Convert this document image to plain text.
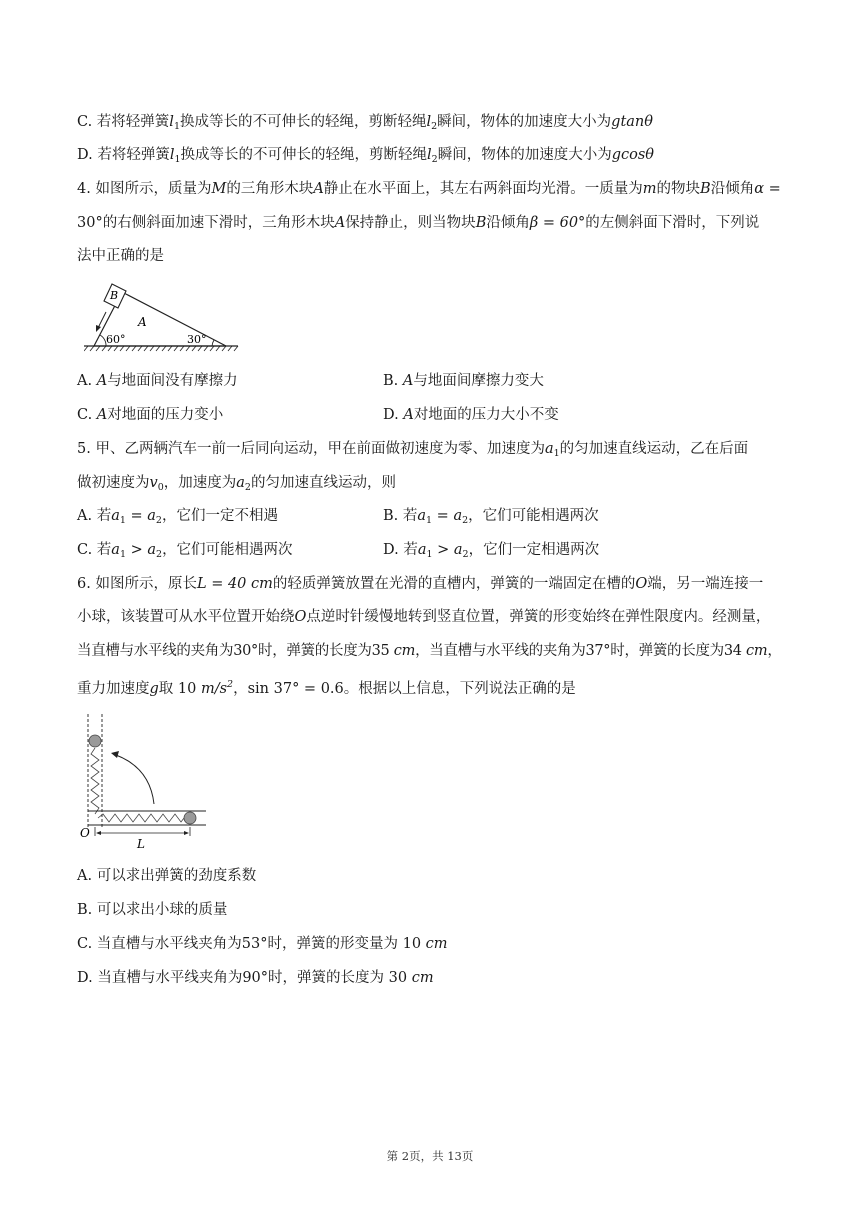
C. 若将轻弹簧$l_1$换成等长的不可伸长的轻绳，剪断轻绳$l_2$瞬间，物体的加速度大小为gtanθ
D. 若将轻弹簧$l_1$换成等长的不可伸长的轻绳，剪断轻绳$l_2$瞬间，物体的加速度大小为gcosθ
4. 如图所示，质量为M的三角形木块A静止在水平面上，其左右两斜面均光滑。一质量为m的物块B沿倾角α =
30°的右侧斜面加速下滑时，三角形木块A保持静止，则当物块B沿倾角β = 60°的左侧斜面下滑时，下列说
法中正确的是
B
A
60°	30°
A. A与地面间没有摩擦力	B. A与地面间摩擦力变大
C. A对地面的压力变小	D. A对地面的压力大小不变
5. 甲、乙两辆汽车一前一后同向运动，甲在前面做初速度为零、加速度为$a_1$的匀加速直线运动，乙在后面
做初速度为$v_0$，加速度为$a_2$的匀加速直线运动，则
A. 若$a_1 = a_2$，它们一定不相遇	B. 若$a_1 = a_2$，它们可能相遇两次
C. 若$a_1 > a_2$，它们可能相遇两次	D. 若$a_1 > a_2$，它们一定相遇两次
6. 如图所示，原长L = 40 cm的轻质弹簧放置在光滑的直槽内，弹簧的一端固定在槽的O端，另一端连接一
小球，该装置可从水平位置开始绕O点逆时针缓慢地转到竖直位置，弹簧的形变始终在弹性限度内。经测量，
当直槽与水平线的夹角为30°时，弹簧的长度为35 cm，当直槽与水平线的夹角为37°时，弹簧的长度为34 cm，
重力加速度g取 10 $m/s^2$，sin 37° = 0.6。根据以上信息，下列说法正确的是
O
L
A. 可以求出弹簧的劲度系数
B. 可以求出小球的质量
C. 当直槽与水平线夹角为53°时，弹簧的形变量为 10 cm
D. 当直槽与水平线夹角为90°时，弹簧的长度为 30 cm
第 2页，共 13页
